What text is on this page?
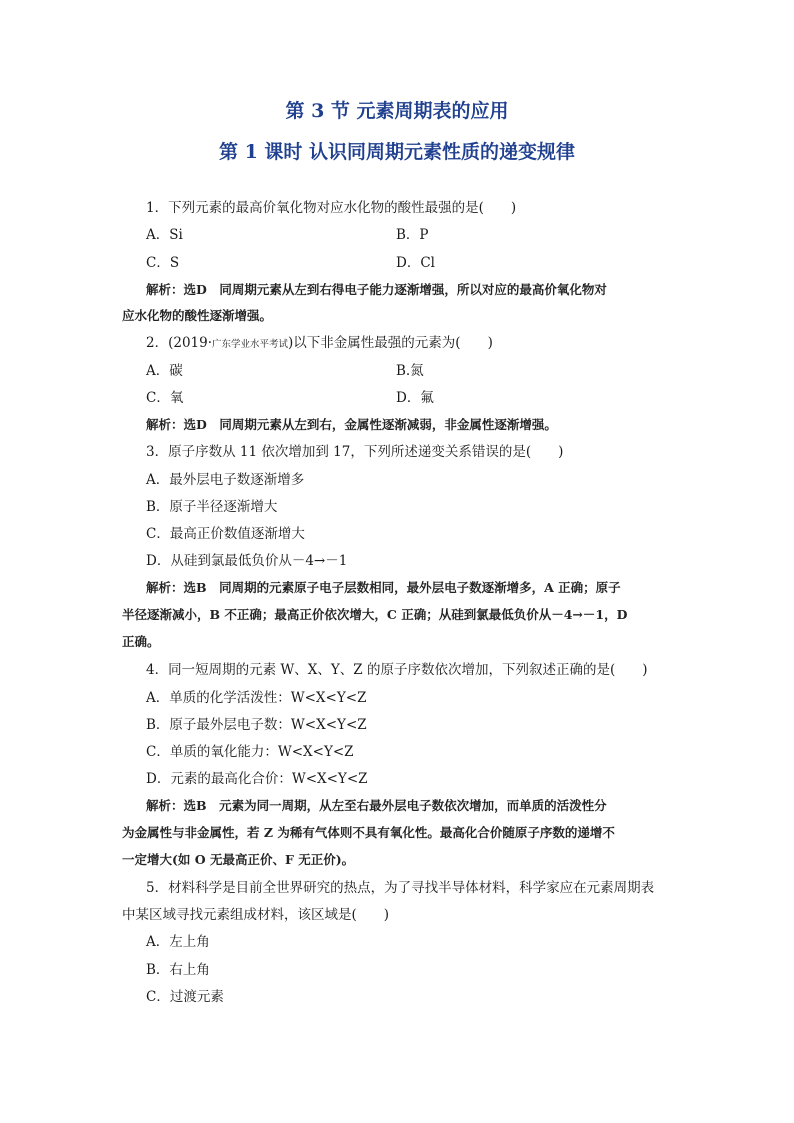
第 3 节 元素周期表的应用
第 1 课时 认识同周期元素性质的递变规律
1．下列元素的最高价氧化物对应水化物的酸性最强的是(　　)
A．Si	B．P
C．S	D．Cl
解析：选D　同周期元素从左到右得电子能力逐渐增强，所以对应的最高价氧化物对
应水化物的酸性逐渐增强。
2．(2019·广东学业水平考试)以下非金属性最强的元素为(　　)
A．碳	B.氮
C．氧	D．氟
解析：选D　同周期元素从左到右，金属性逐渐减弱，非金属性逐渐增强。
3．原子序数从 11 依次增加到 17，下列所述递变关系错误的是(　　)
A．最外层电子数逐渐增多
B．原子半径逐渐增大
C．最高正价数值逐渐增大
D．从硅到氯最低负价从－4→－1
解析：选B　同周期的元素原子电子层数相同，最外层电子数逐渐增多，A 正确；原子
半径逐渐减小，B 不正确；最高正价依次增大，C 正确；从硅到氯最低负价从－4→－1，D
正确。
4．同一短周期的元素 W、X、Y、Z 的原子序数依次增加，下列叙述正确的是(　　)
A．单质的化学活泼性：W<X<Y<Z
B．原子最外层电子数：W<X<Y<Z
C．单质的氧化能力：W<X<Y<Z
D．元素的最高化合价：W<X<Y<Z
解析：选B　元素为同一周期，从左至右最外层电子数依次增加，而单质的活泼性分
为金属性与非金属性，若 Z 为稀有气体则不具有氧化性。最高化合价随原子序数的递增不
一定增大(如 O 无最高正价、F 无正价)。
5．材料科学是目前全世界研究的热点，为了寻找半导体材料，科学家应在元素周期表
中某区域寻找元素组成材料，该区域是(　　)
A．左上角
B．右上角
C．过渡元素
